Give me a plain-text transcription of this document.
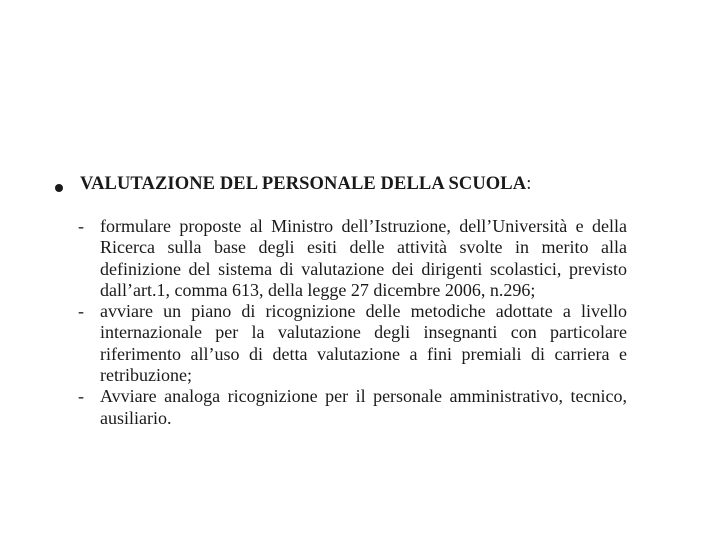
VALUTAZIONE DEL PERSONALE DELLA SCUOLA:
- formulare proposte al Ministro dell’Istruzione, dell’Università e della
Ricerca sulla base degli esiti delle attività svolte in merito alla
definizione del sistema di valutazione dei dirigenti scolastici, previsto
dall’art.1, comma 613, della legge 27 dicembre 2006, n.296;
- avviare un piano di ricognizione delle metodiche adottate a livello
internazionale per la valutazione degli insegnanti con particolare
riferimento all’uso di detta valutazione a fini premiali di carriera e
retribuzione;
- Avviare analoga ricognizione per il personale amministrativo, tecnico,
ausiliario.
